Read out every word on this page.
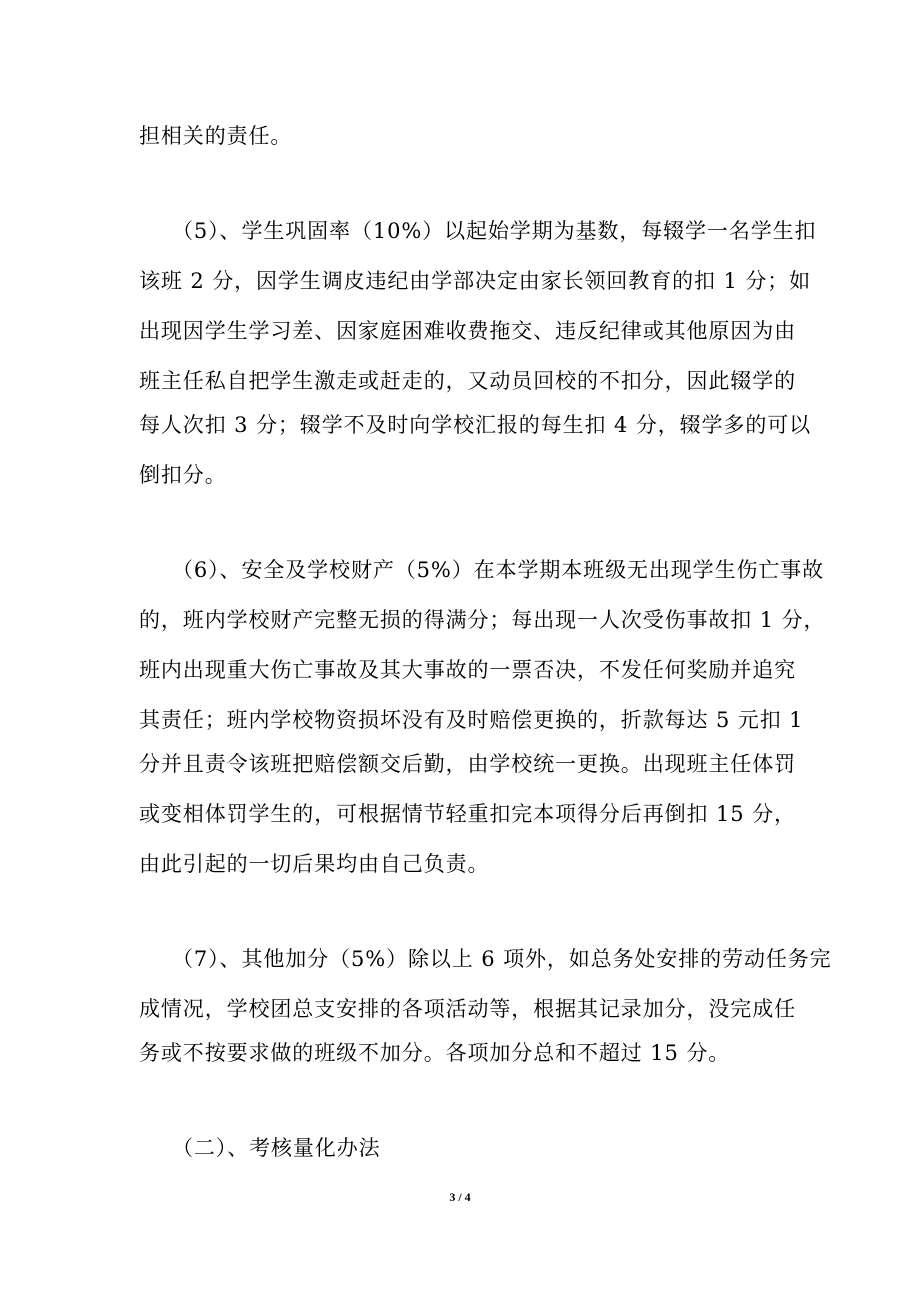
担相关的责任。
（5）、学生巩固率（10%）以起始学期为基数，每辍学一名学生扣
该班 2 分，因学生调皮违纪由学部决定由家长领回教育的扣 1 分；如
出现因学生学习差、因家庭困难收费拖交、违反纪律或其他原因为由
班主任私自把学生激走或赶走的，又动员回校的不扣分，因此辍学的
每人次扣 3 分；辍学不及时向学校汇报的每生扣 4 分，辍学多的可以
倒扣分。
（6）、安全及学校财产（5%）在本学期本班级无出现学生伤亡事故
的，班内学校财产完整无损的得满分；每出现一人次受伤事故扣 1 分，
班内出现重大伤亡事故及其大事故的一票否决，不发任何奖励并追究
其责任；班内学校物资损坏没有及时赔偿更换的，折款每达 5 元扣 1
分并且责令该班把赔偿额交后勤，由学校统一更换。出现班主任体罚
或变相体罚学生的，可根据情节轻重扣完本项得分后再倒扣 15 分，
由此引起的一切后果均由自己负责。
（7）、其他加分（5%）除以上 6 项外，如总务处安排的劳动任务完
成情况，学校团总支安排的各项活动等，根据其记录加分，没完成任
务或不按要求做的班级不加分。各项加分总和不超过 15 分。
（二）、考核量化办法
3 / 4
